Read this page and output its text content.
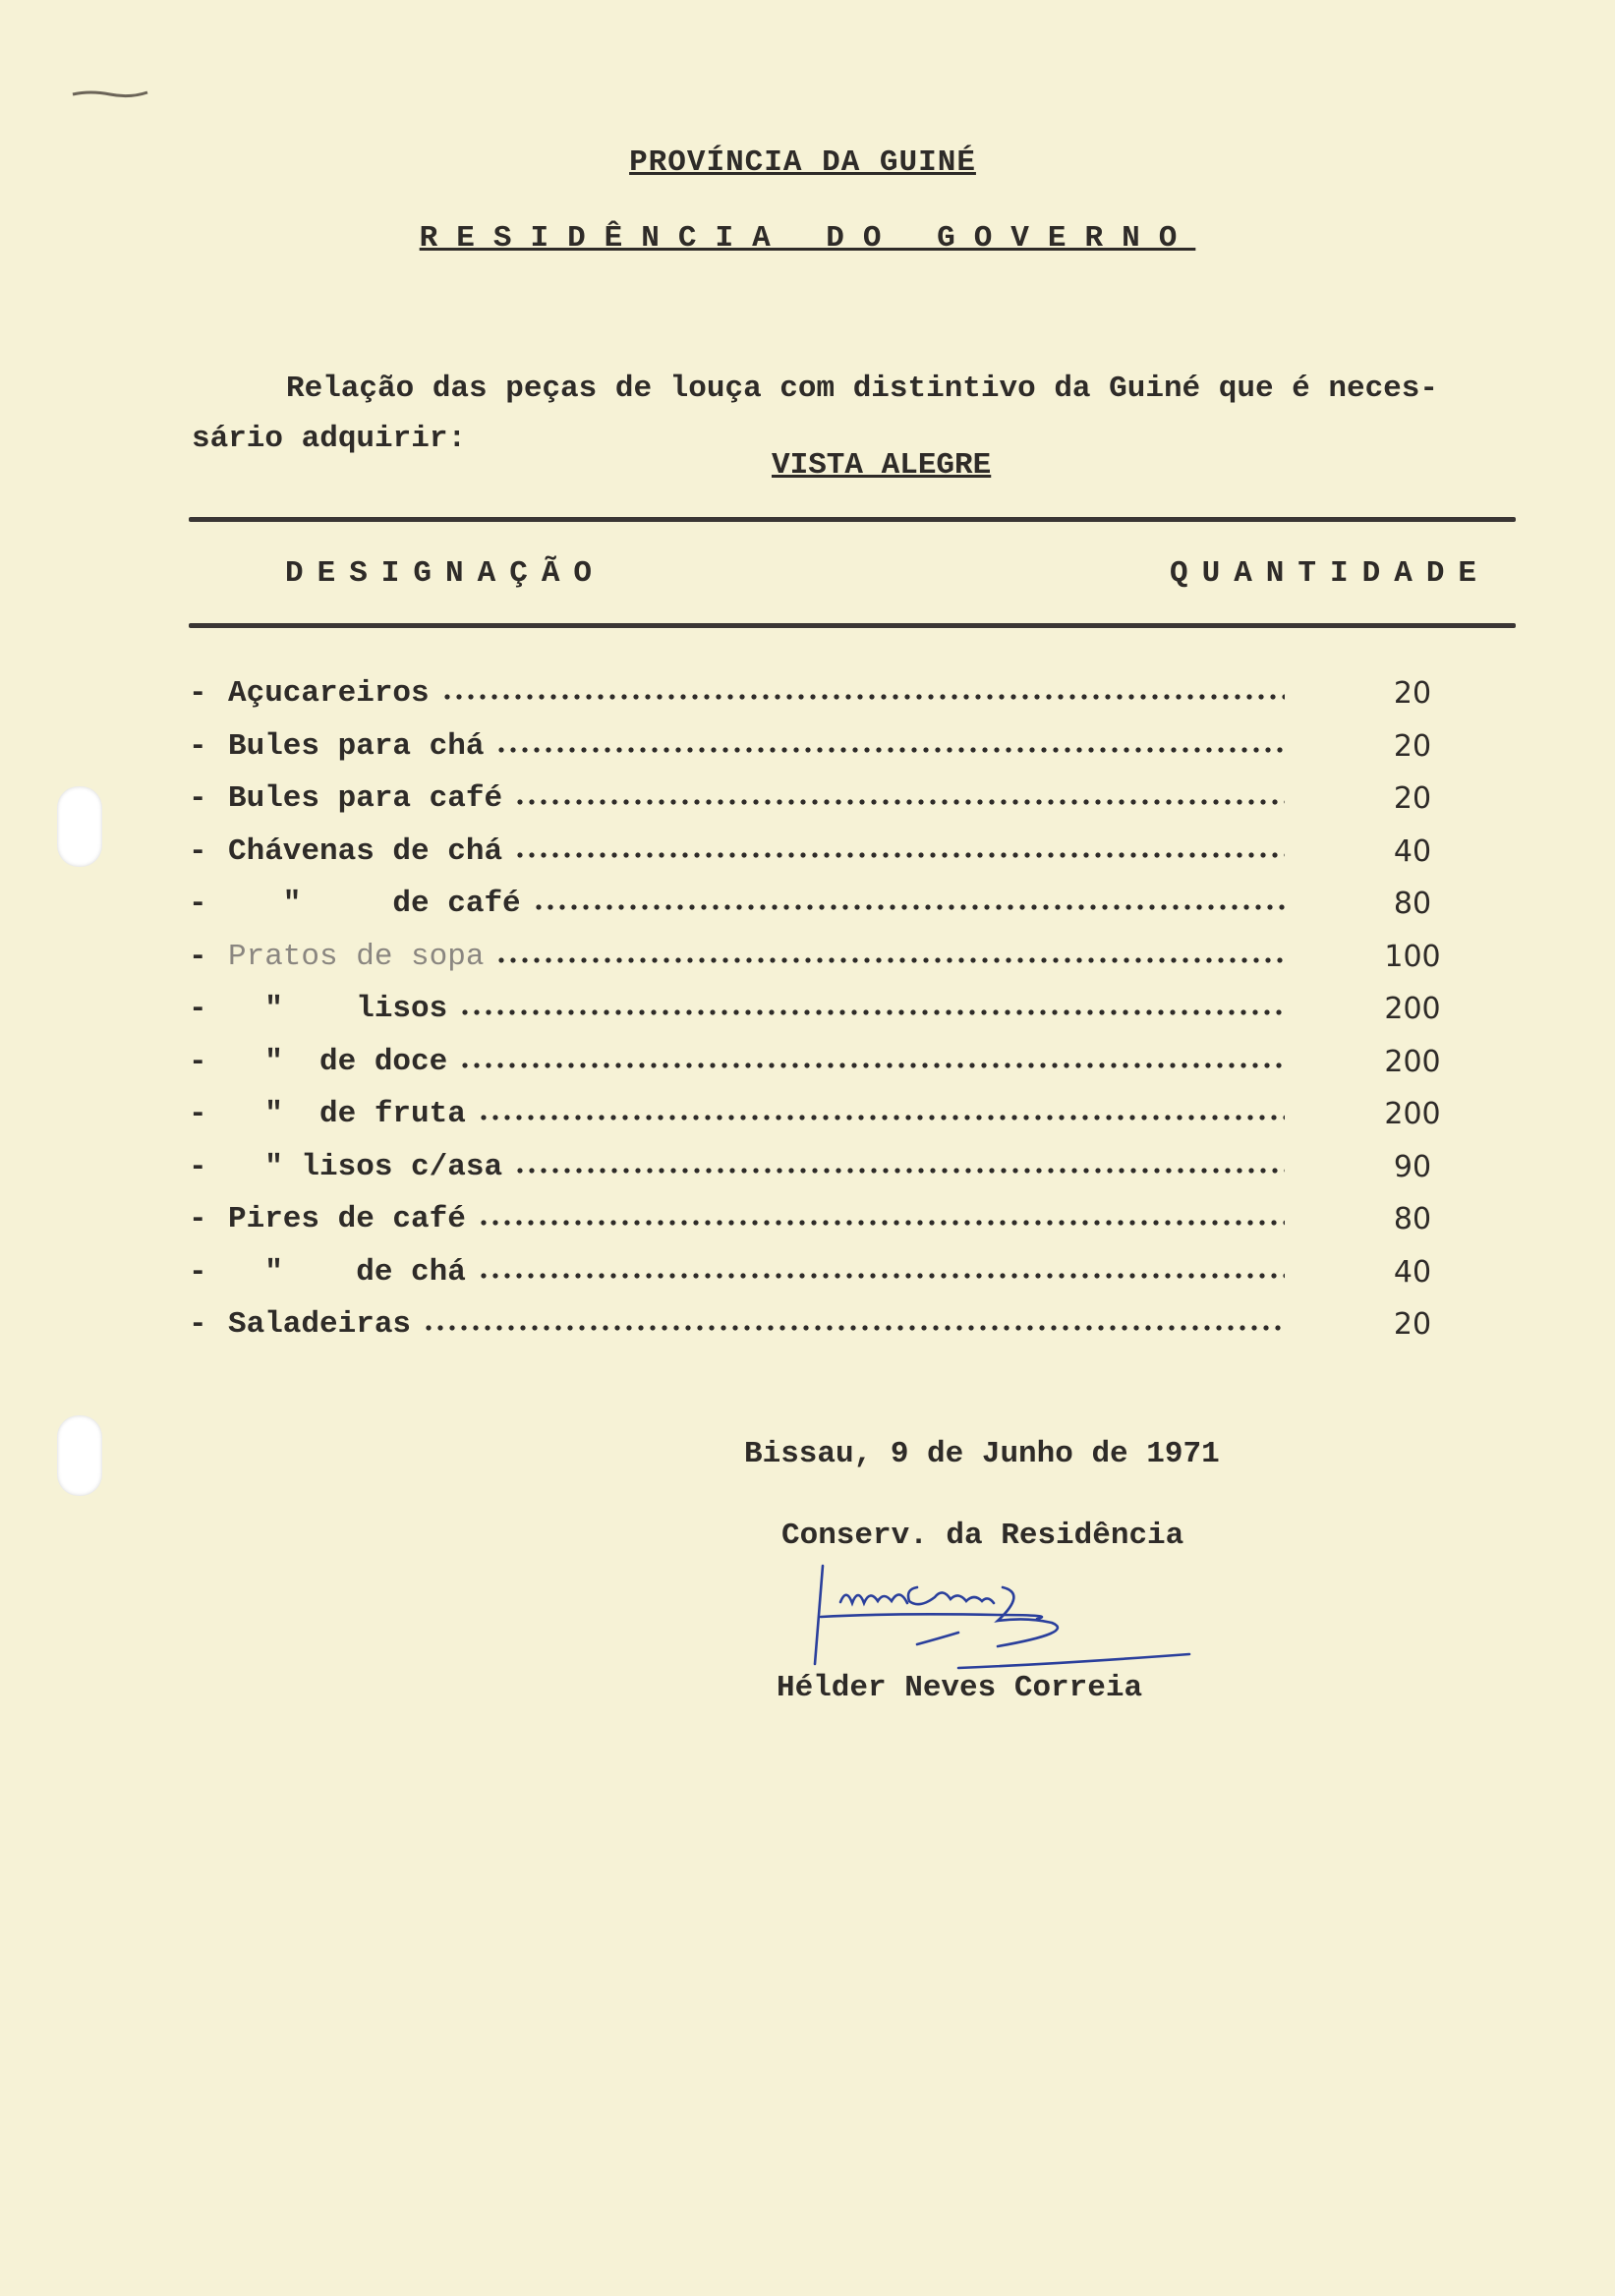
PROVÍNCIA DA GUINÉ
RESIDÊNCIA DO GOVERNO
Relação das peças de louça com distintivo da Guiné que é neces-
sário adquirir:
VISTA ALEGRE
DESIGNAÇÃO	QUANTIDADE
- Açucareiros	20
- Bules para chá	20
- Bules para café	20
- Chávenas de chá	40
- "     de café	80
- Pratos de sopa	100
- "    lisos	200
- "  de doce	200
- "  de fruta	200
- " lisos c/asa	90
- Pires de café	80
- "    de chá	40
- Saladeiras	20
Bissau, 9 de Junho de 1971
Conserv. da Residência
Hélder Neves Correia
